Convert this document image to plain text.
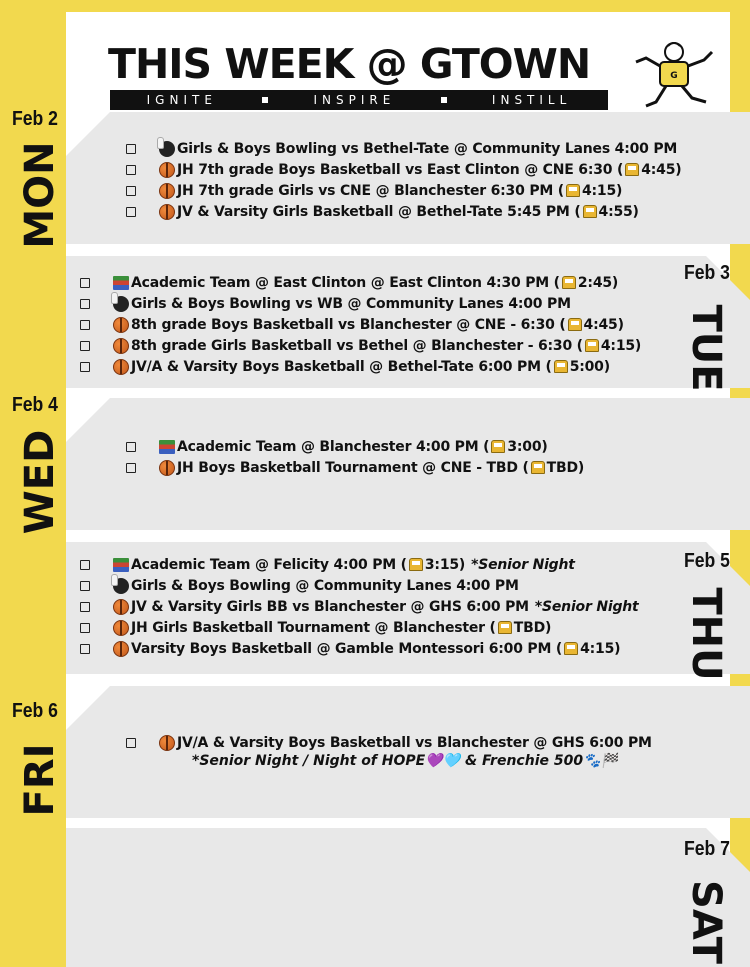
THIS WEEK @ GTOWN
IGNITE	INSPIRE	INSTILL
G
Feb 2
MON	Girls & Boys Bowling vs Bethel-Tate @ Community Lanes 4:00 PM
JH 7th grade Boys Basketball vs East Clinton @ CNE 6:30 ( 4:45)
JH 7th grade Girls vs CNE @ Blanchester 6:30 PM ( 4:15)
JV & Varsity Girls Basketball @ Bethel-Tate 5:45 PM ( 4:55)
Feb 3
TUE
Academic Team @ East Clinton @ East Clinton 4:30 PM ( 2:45)
Girls & Boys Bowling vs WB @ Community Lanes 4:00 PM
8th grade Boys Basketball vs Blanchester @ CNE - 6:30 ( 4:45)
8th grade Girls Basketball vs Bethel @ Blanchester - 6:30 ( 4:15)
JV/A & Varsity Boys Basketball @ Bethel-Tate 6:00 PM ( 5:00)
Feb 4
WED	Academic Team @ Blanchester 4:00 PM ( 3:00)
JH Boys Basketball Tournament @ CNE - TBD ( TBD)
Feb 5
THU
Academic Team @ Felicity 4:00 PM ( 3:15) *Senior Night
Girls & Boys Bowling @ Community Lanes 4:00 PM
JV & Varsity Girls BB vs Blanchester @ GHS 6:00 PM *Senior Night
JH Girls Basketball Tournament @ Blanchester ( TBD)
Varsity Boys Basketball @ Gamble Montessori 6:00 PM ( 4:15)
Feb 6
FRI
JV/A & Varsity Boys Basketball vs Blanchester @ GHS 6:00 PM
*Senior Night / Night of HOPE💜🩵 & Frenchie 500🐾🏁
Feb 7
SAT
